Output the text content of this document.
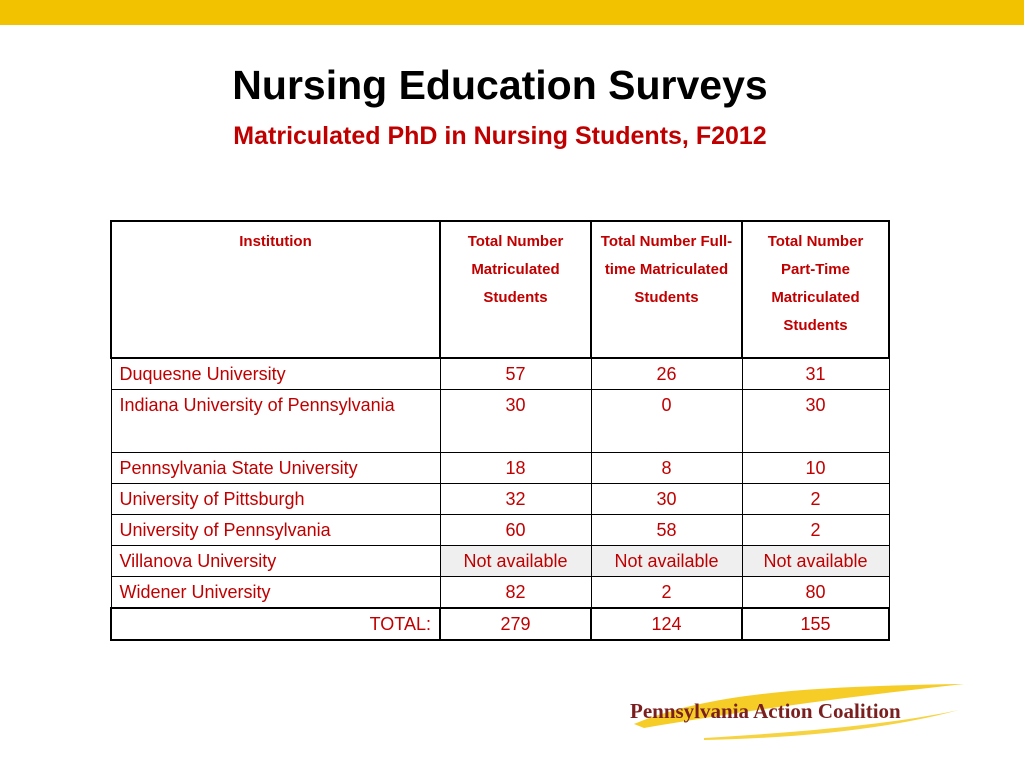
Nursing Education Surveys
Matriculated PhD in Nursing Students, F2012
Institution	Total Number Matriculated Students	Total Number Full-time Matriculated Students	Total Number Part-Time Matriculated Students
Duquesne University	57	26	31
Indiana University of Pennsylvania	30	0	30
Pennsylvania State University	18	8	10
University of Pittsburgh	32	30	2
University of Pennsylvania	60	58	2
Villanova University	Not available	Not available	Not available
Widener University	82	2	80
TOTAL:	279	124	155
Pennsylvania Action Coalition
